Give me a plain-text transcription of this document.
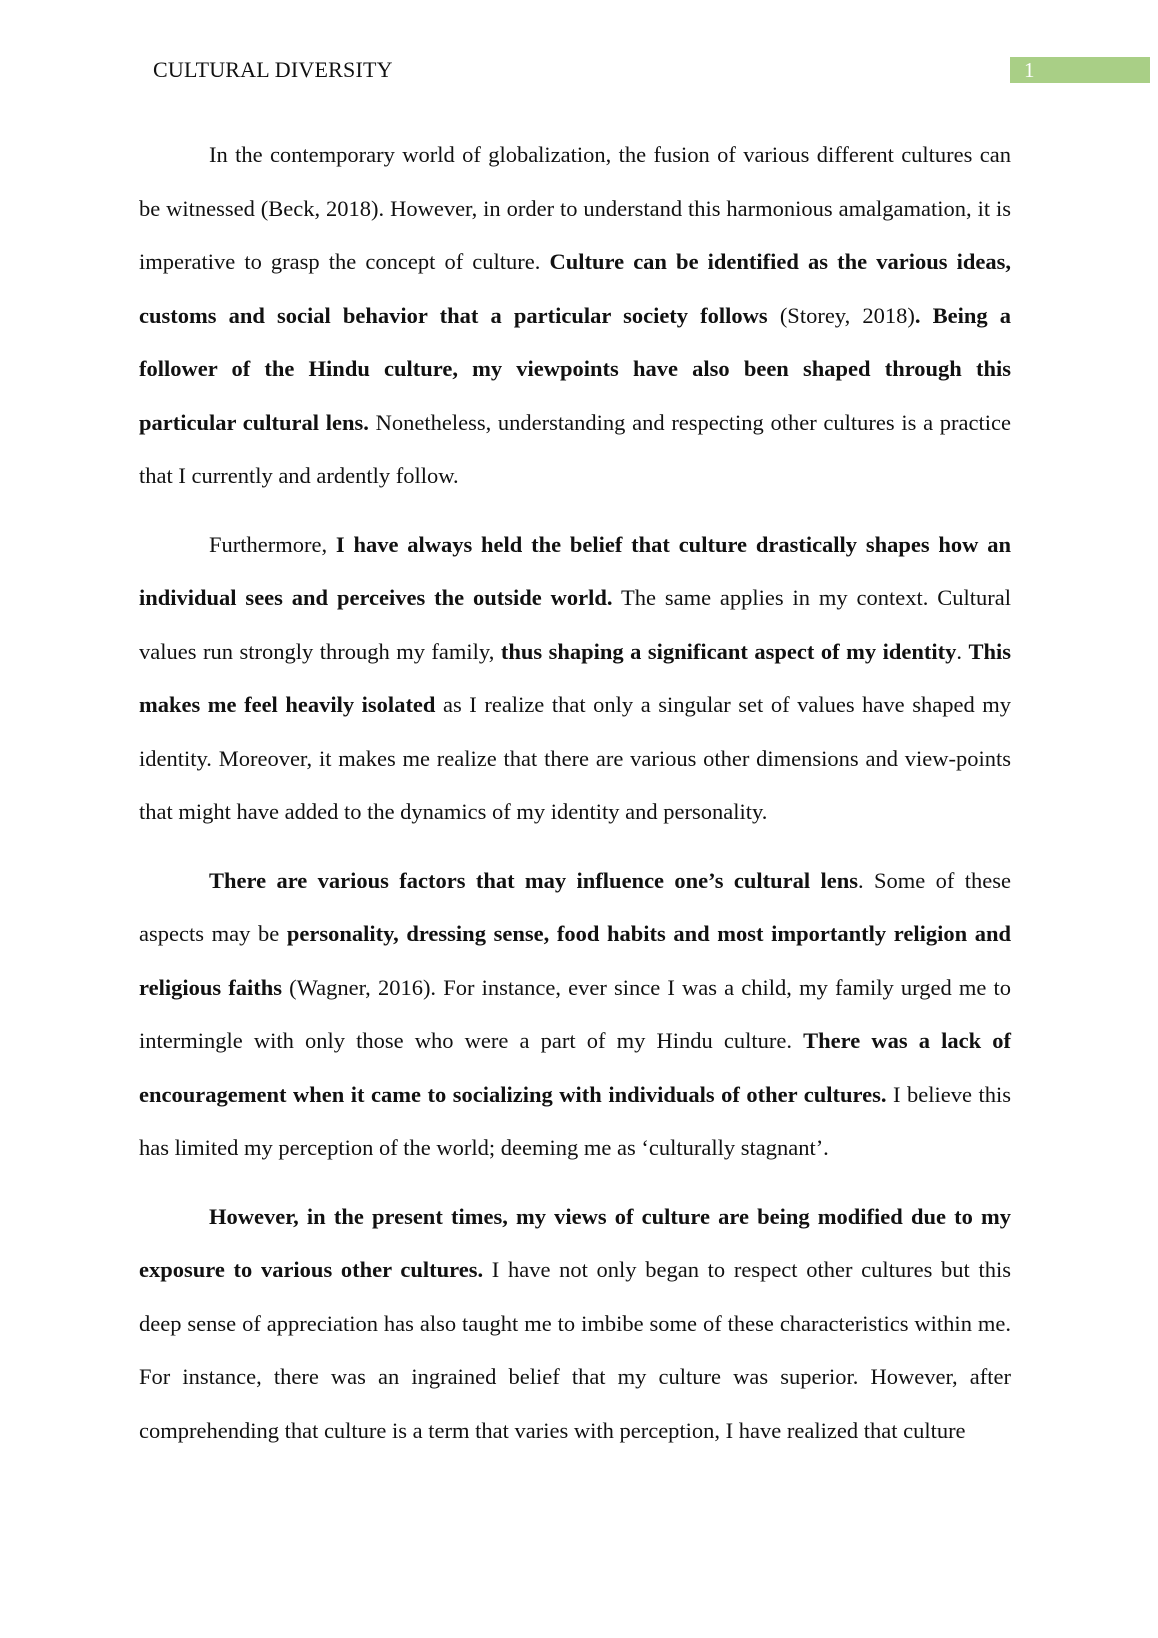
CULTURAL DIVERSITY	1

In the contemporary world of globalization, the fusion of various different cultures can be witnessed (Beck, 2018). However, in order to understand this harmonious amalgamation, it is imperative to grasp the concept of culture. Culture can be identified as the various ideas, customs and social behavior that a particular society follows (Storey, 2018). Being a follower of the Hindu culture, my viewpoints have also been shaped through this particular cultural lens. Nonetheless, understanding and respecting other cultures is a practice that I currently and ardently follow.

Furthermore, I have always held the belief that culture drastically shapes how an individual sees and perceives the outside world. The same applies in my context. Cultural values run strongly through my family, thus shaping a significant aspect of my identity. This makes me feel heavily isolated as I realize that only a singular set of values have shaped my identity. Moreover, it makes me realize that there are various other dimensions and view-points that might have added to the dynamics of my identity and personality.

There are various factors that may influence one’s cultural lens. Some of these aspects may be personality, dressing sense, food habits and most importantly religion and religious faiths (Wagner, 2016). For instance, ever since I was a child, my family urged me to intermingle with only those who were a part of my Hindu culture. There was a lack of encouragement when it came to socializing with individuals of other cultures. I believe this has limited my perception of the world; deeming me as ‘culturally stagnant’.

However, in the present times, my views of culture are being modified due to my exposure to various other cultures. I have not only began to respect other cultures but this deep sense of appreciation has also taught me to imbibe some of these characteristics within me. For instance, there was an ingrained belief that my culture was superior. However, after comprehending that culture is a term that varies with perception, I have realized that culture
